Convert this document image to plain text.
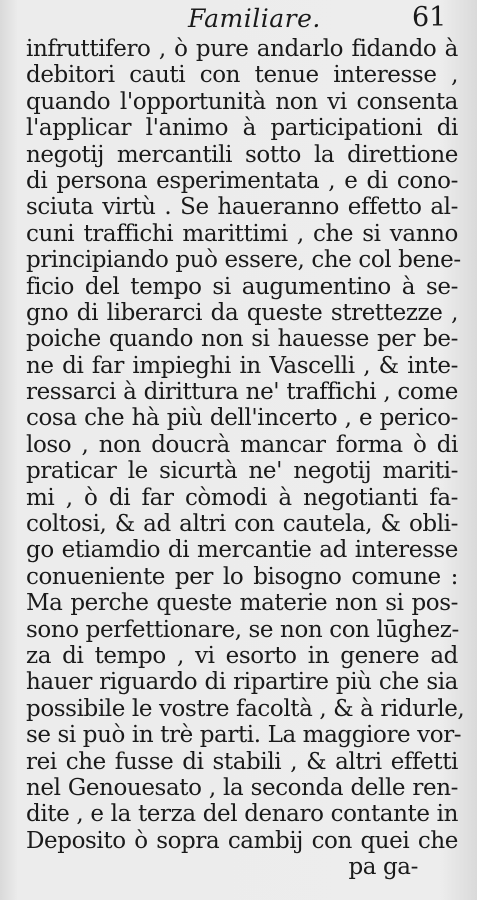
Familiare.	61
infruttifero , ò pure andarlo fidando à
debitori cauti con tenue interesse ,
quando l'opportunità non vi consenta
l'applicar l'animo à participationi di
negotij mercantili sotto la direttione
di persona esperimentata , e di cono-
sciuta virtù . Se haueranno effetto al-
cuni traffichi marittimi , che si vanno
principiando può essere, che col bene-
ficio del tempo si augumentino à se-
gno di liberarci da queste strettezze ,
poiche quando non si hauesse per be-
ne di far impieghi in Vascelli , & inte-
ressarci à dirittura ne' traffichi , come
cosa che hà più dell'incerto , e perico-
loso , non doucrà mancar forma ò di
praticar le sicurtà ne' negotij mariti-
mi , ò di far còmodi à negotianti fa-
coltosi, & ad altri con cautela, & obli-
go etiamdio di mercantie ad interesse
conueniente per lo bisogno comune :
Ma perche queste materie non si pos-
sono perfettionare, se non con lūghez-
za di tempo , vi esorto in genere ad
hauer riguardo di ripartire più che sia
possibile le vostre facoltà , & à ridurle,
se si può in trè parti. La maggiore vor-
rei che fusse di stabili , & altri effetti
nel Genouesato , la seconda delle ren-
dite , e la terza del denaro contante in
Deposito ò sopra cambij con quei che
pa ga-
